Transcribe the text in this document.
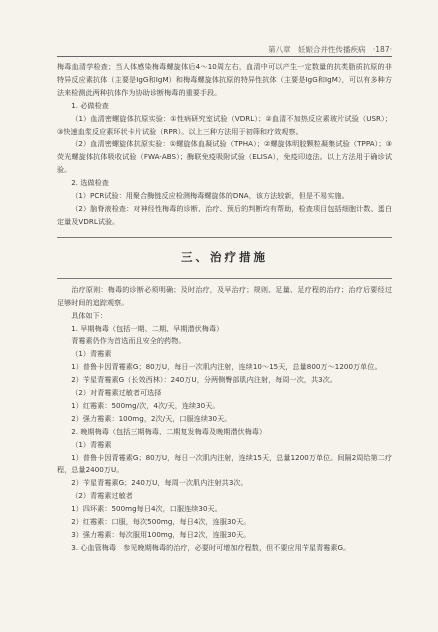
第八章 妊娠合并性传播疾病 ·187·
梅毒血清学检查；当人体感染梅毒螺旋体后4～10周左右，血清中可以产生一定数量的抗类脂质抗原的非特异反应素抗体（主要是IgG和IgM）和梅毒螺旋体抗原的特异性抗体（主要是IgG和IgM），可以有多种方法来检测此两种抗体作为协助诊断梅毒的重要手段。
1. 必做检查
（1）血清密螺旋体抗原实验：①性病研究室试验（VDRL）；②血清不加热反应素玻片试验（USR）；③快速血浆反应素环状卡片试验（RPR）。以上三种方法用于初筛和疗效观察。
（2）血清密螺旋体抗原实验：①螺旋体血凝试验（TPHA）；②螺旋体明胶颗粒凝集试验（TPPA）；③荧光螺旋体抗体吸收试验（FWA-ABS）；酶联免疫吸附试验（ELISA），免疫印迹法。以上方法用于确诊试验。
2. 选做检查
（1）PCR试验：用聚合酶链反应检测梅毒螺旋体的DNA，该方法较新，但是不易实施。
（2）脑脊液检查：对神经性梅毒的诊断、治疗、预后的判断均有帮助，检查项目包括细胞计数、蛋白定量及VDRL试验。
三、治疗措施
治疗原则：梅毒的诊断必须明确；及时治疗，及早治疗；规则、足量、足疗程的治疗；治疗后要经过足够时间的追踪观察。
具体如下：
1. 早期梅毒（包括一期、二期、早期潜伏梅毒）
青霉素仍作为首选而且安全的药物。
（1）青霉素
1）普鲁卡因青霉素G；80万U，每日一次肌内注射，连续10～15天，总量800万～1200万单位。
2）苄星青霉素G（长效西林）：240万U，分两侧臀部肌内注射，每周一次，共3次。
（2）对青霉素过敏者可选择
1）红霉素：500mg/次，4次/天，连续30天。
2）强力霉素：100mg，2次/天，口服连续30天。
2. 晚期梅毒（包括三期梅毒、二期复发梅毒及晚期潜伏梅毒）
（1）青霉素
1）普鲁卡因青霉素G；80万U，每日一次肌内注射，连续15天，总量1200万单位。间隔2周给第二疗程，总量2400万U。
2）苄星青霉素G；240万U，每周一次肌内注射共3次。
（2）青霉素过敏者
1）四环素：500mg每日4次，口服连续30天。
2）红霉素：口服，每次500mg，每日4次，连服30天。
3）强力霉素：每次服用100mg，每日2次，连服30天。
3. 心血管梅毒　参见晚期梅毒的治疗，必要时可增加疗程数，但不要应用苄星青霉素G。
